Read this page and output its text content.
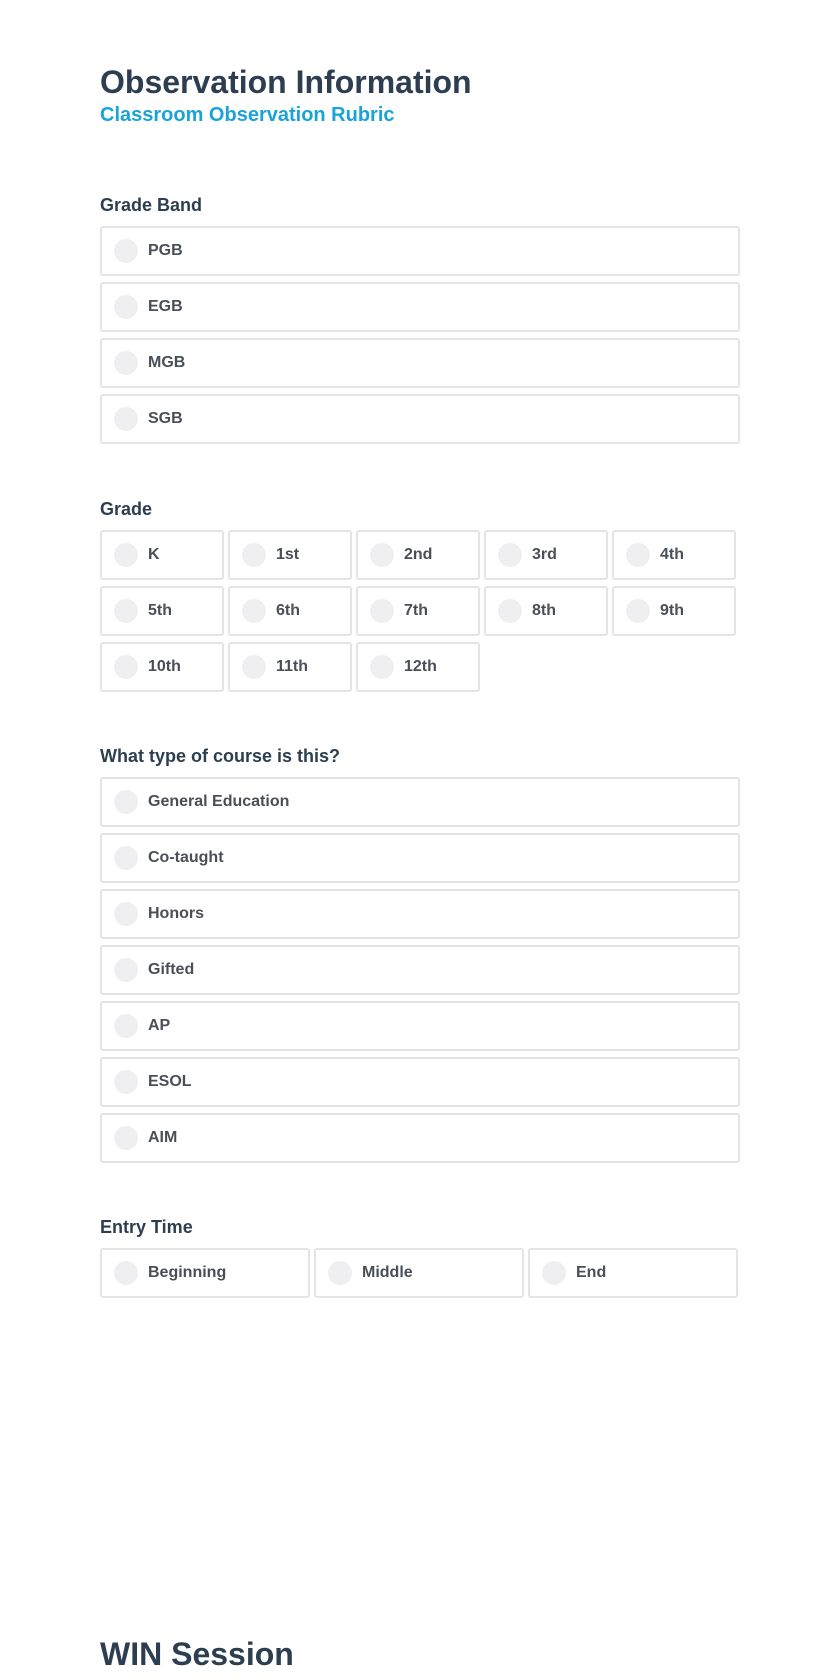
Observation Information
Classroom Observation Rubric
Grade Band
PGB
EGB
MGB
SGB
Grade
K	1st	2nd	3rd	4th
5th	6th	7th	8th	9th
10th	11th	12th
What type of course is this?
General Education
Co-taught
Honors
Gifted
AP
ESOL
AIM
Entry Time
Beginning	Middle	End
WIN Session
